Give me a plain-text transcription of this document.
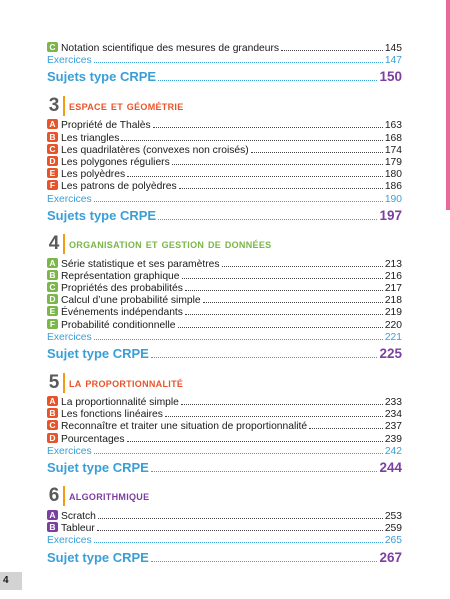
C Notation scientifique des mesures de grandeurs	145
Exercices	147
Sujets type CRPE	150
3 espace et géométrie
A Propriété de Thalès	163
B Les triangles	168
C Les quadrilatères (convexes non croisés)	174
D Les polygones réguliers	179
E Les polyèdres	180
F Les patrons de polyèdres	186
Exercices	190
Sujets type CRPE	197
4 organisation et gestion de données
A Série statistique et ses paramètres	213
B Représentation graphique	216
C Propriétés des probabilités	217
D Calcul d’une probabilité simple	218
E Événements indépendants	219
F Probabilité conditionnelle	220
Exercices	221
Sujet type CRPE	225
5 la proportionnalité
A La proportionnalité simple	233
B Les fonctions linéaires	234
C Reconnaître et traiter une situation de proportionnalité	237
D Pourcentages	239
Exercices	242
Sujet type CRPE	244
6 algorithmique
A Scratch	253
B Tableur	259
Exercices	265
Sujet type CRPE	267
4
